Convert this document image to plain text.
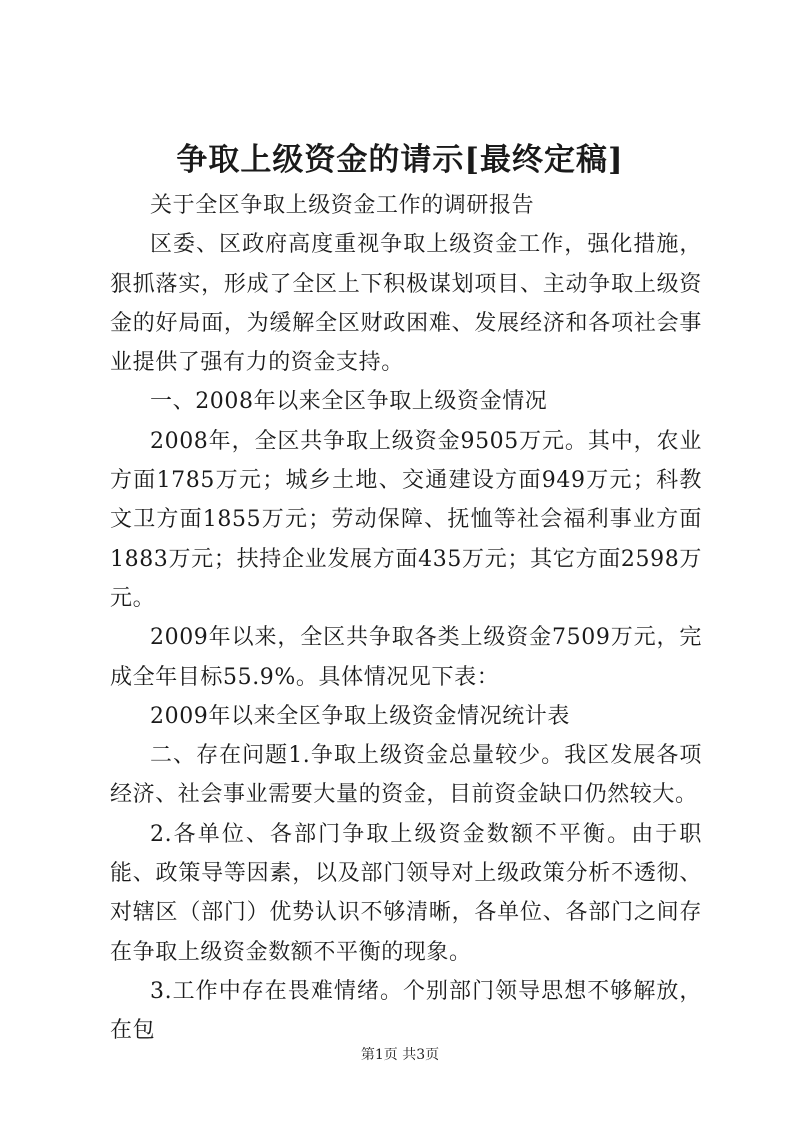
争取上级资金的请示[最终定稿]

关于全区争取上级资金工作的调研报告

区委、区政府高度重视争取上级资金工作，强化措施，狠抓落实，形成了全区上下积极谋划项目、主动争取上级资金的好局面，为缓解全区财政困难、发展经济和各项社会事业提供了强有力的资金支持。

一、2008年以来全区争取上级资金情况

2008年，全区共争取上级资金9505万元。其中，农业方面1785万元；城乡土地、交通建设方面949万元；科教文卫方面1855万元；劳动保障、抚恤等社会福利事业方面1883万元；扶持企业发展方面435万元；其它方面2598万元。

2009年以来，全区共争取各类上级资金7509万元，完成全年目标55.9%。具体情况见下表：

2009年以来全区争取上级资金情况统计表

二、存在问题1.争取上级资金总量较少。我区发展各项经济、社会事业需要大量的资金，目前资金缺口仍然较大。

2.各单位、各部门争取上级资金数额不平衡。由于职能、政策导等因素，以及部门领导对上级政策分析不透彻、对辖区（部门）优势认识不够清晰，各单位、各部门之间存在争取上级资金数额不平衡的现象。

3.工作中存在畏难情绪。个别部门领导思想不够解放，在包

第1页 共3页
